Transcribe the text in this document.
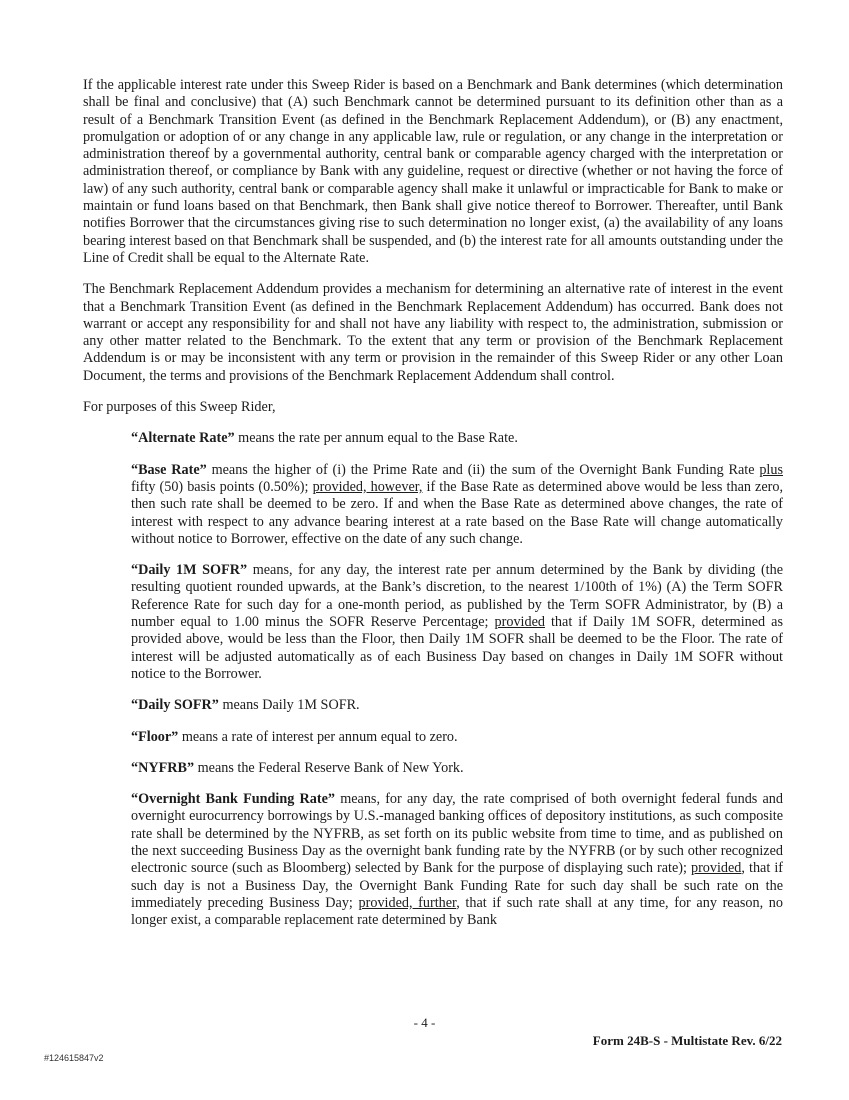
If the applicable interest rate under this Sweep Rider is based on a Benchmark and Bank determines (which determination shall be final and conclusive) that (A) such Benchmark cannot be determined pursuant to its definition other than as a result of a Benchmark Transition Event (as defined in the Benchmark Replacement Addendum), or (B) any enactment, promulgation or adoption of or any change in any applicable law, rule or regulation, or any change in the interpretation or administration thereof by a governmental authority, central bank or comparable agency charged with the interpretation or administration thereof, or compliance by Bank with any guideline, request or directive (whether or not having the force of law) of any such authority, central bank or comparable agency shall make it unlawful or impracticable for Bank to make or maintain or fund loans based on that Benchmark, then Bank shall give notice thereof to Borrower. Thereafter, until Bank notifies Borrower that the circumstances giving rise to such determination no longer exist, (a) the availability of any loans bearing interest based on that Benchmark shall be suspended, and (b) the interest rate for all amounts outstanding under the Line of Credit shall be equal to the Alternate Rate.

The Benchmark Replacement Addendum provides a mechanism for determining an alternative rate of interest in the event that a Benchmark Transition Event (as defined in the Benchmark Replacement Addendum) has occurred. Bank does not warrant or accept any responsibility for and shall not have any liability with respect to, the administration, submission or any other matter related to the Benchmark. To the extent that any term or provision of the Benchmark Replacement Addendum is or may be inconsistent with any term or provision in the remainder of this Sweep Rider or any other Loan Document, the terms and provisions of the Benchmark Replacement Addendum shall control.

For purposes of this Sweep Rider,

“Alternate Rate” means the rate per annum equal to the Base Rate.

“Base Rate” means the higher of (i) the Prime Rate and (ii) the sum of the Overnight Bank Funding Rate plus fifty (50) basis points (0.50%); provided, however, if the Base Rate as determined above would be less than zero, then such rate shall be deemed to be zero. If and when the Base Rate as determined above changes, the rate of interest with respect to any advance bearing interest at a rate based on the Base Rate will change automatically without notice to Borrower, effective on the date of any such change.

“Daily 1M SOFR” means, for any day, the interest rate per annum determined by the Bank by dividing (the resulting quotient rounded upwards, at the Bank’s discretion, to the nearest 1/100th of 1%) (A) the Term SOFR Reference Rate for such day for a one-month period, as published by the Term SOFR Administrator, by (B) a number equal to 1.00 minus the SOFR Reserve Percentage; provided that if Daily 1M SOFR, determined as provided above, would be less than the Floor, then Daily 1M SOFR shall be deemed to be the Floor. The rate of interest will be adjusted automatically as of each Business Day based on changes in Daily 1M SOFR without notice to the Borrower.

“Daily SOFR” means Daily 1M SOFR.

“Floor” means a rate of interest per annum equal to zero.

“NYFRB” means the Federal Reserve Bank of New York.

“Overnight Bank Funding Rate” means, for any day, the rate comprised of both overnight federal funds and overnight eurocurrency borrowings by U.S.-managed banking offices of depository institutions, as such composite rate shall be determined by the NYFRB, as set forth on its public website from time to time, and as published on the next succeeding Business Day as the overnight bank funding rate by the NYFRB (or by such other recognized electronic source (such as Bloomberg) selected by Bank for the purpose of displaying such rate); provided, that if such day is not a Business Day, the Overnight Bank Funding Rate for such day shall be such rate on the immediately preceding Business Day; provided, further, that if such rate shall at any time, for any reason, no longer exist, a comparable replacement rate determined by Bank

- 4 -
Form 24B-S - Multistate Rev. 6/22
#124615847v2
